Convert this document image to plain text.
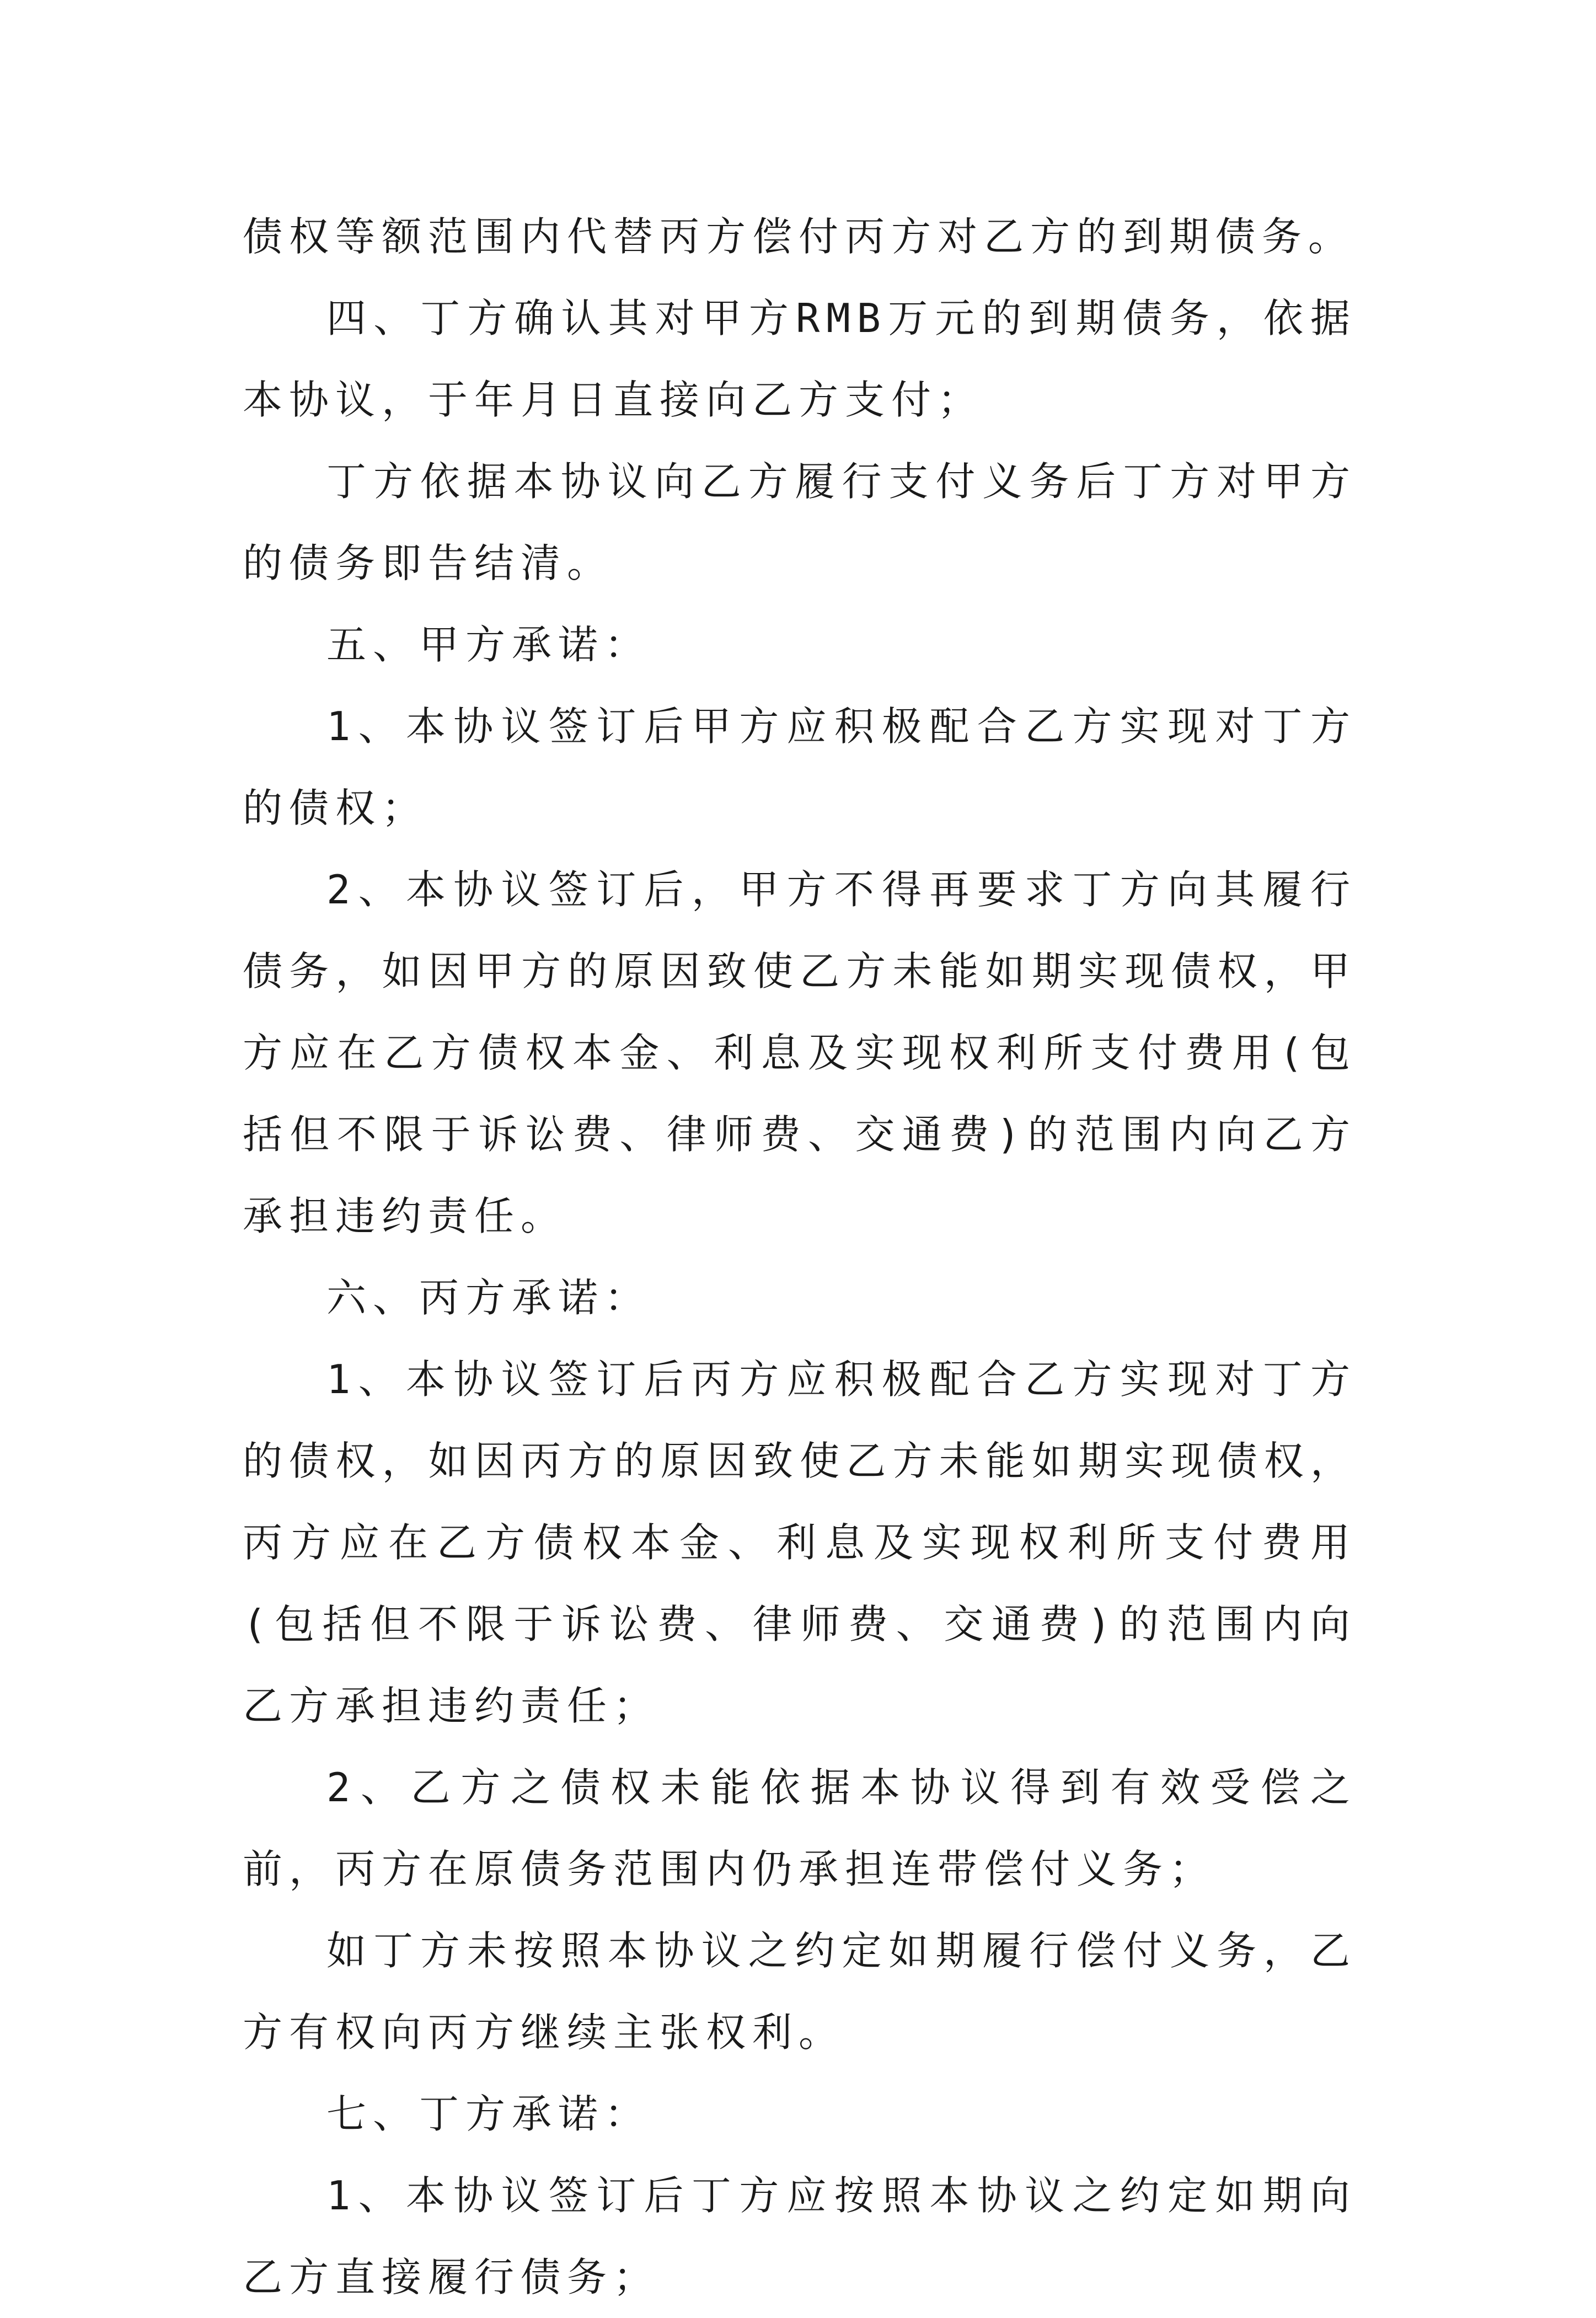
债权等额范围内代替丙方偿付丙方对乙方的到期债务。

四、丁方确认其对甲方RMB万元的到期债务，依据本协议，于年月日直接向乙方支付；

丁方依据本协议向乙方履行支付义务后丁方对甲方的债务即告结清。

五、甲方承诺：

1、本协议签订后甲方应积极配合乙方实现对丁方的债权；

2、本协议签订后，甲方不得再要求丁方向其履行债务，如因甲方的原因致使乙方未能如期实现债权，甲方应在乙方债权本金、利息及实现权利所支付费用(包括但不限于诉讼费、律师费、交通费)的范围内向乙方承担违约责任。

六、丙方承诺：

1、本协议签订后丙方应积极配合乙方实现对丁方的债权，如因丙方的原因致使乙方未能如期实现债权，丙方应在乙方债权本金、利息及实现权利所支付费用(包括但不限于诉讼费、律师费、交通费)的范围内向乙方承担违约责任；

2、乙方之债权未能依据本协议得到有效受偿之前，丙方在原债务范围内仍承担连带偿付义务；

如丁方未按照本协议之约定如期履行偿付义务，乙方有权向丙方继续主张权利。

七、丁方承诺：

1、本协议签订后丁方应按照本协议之约定如期向乙方直接履行债务；
